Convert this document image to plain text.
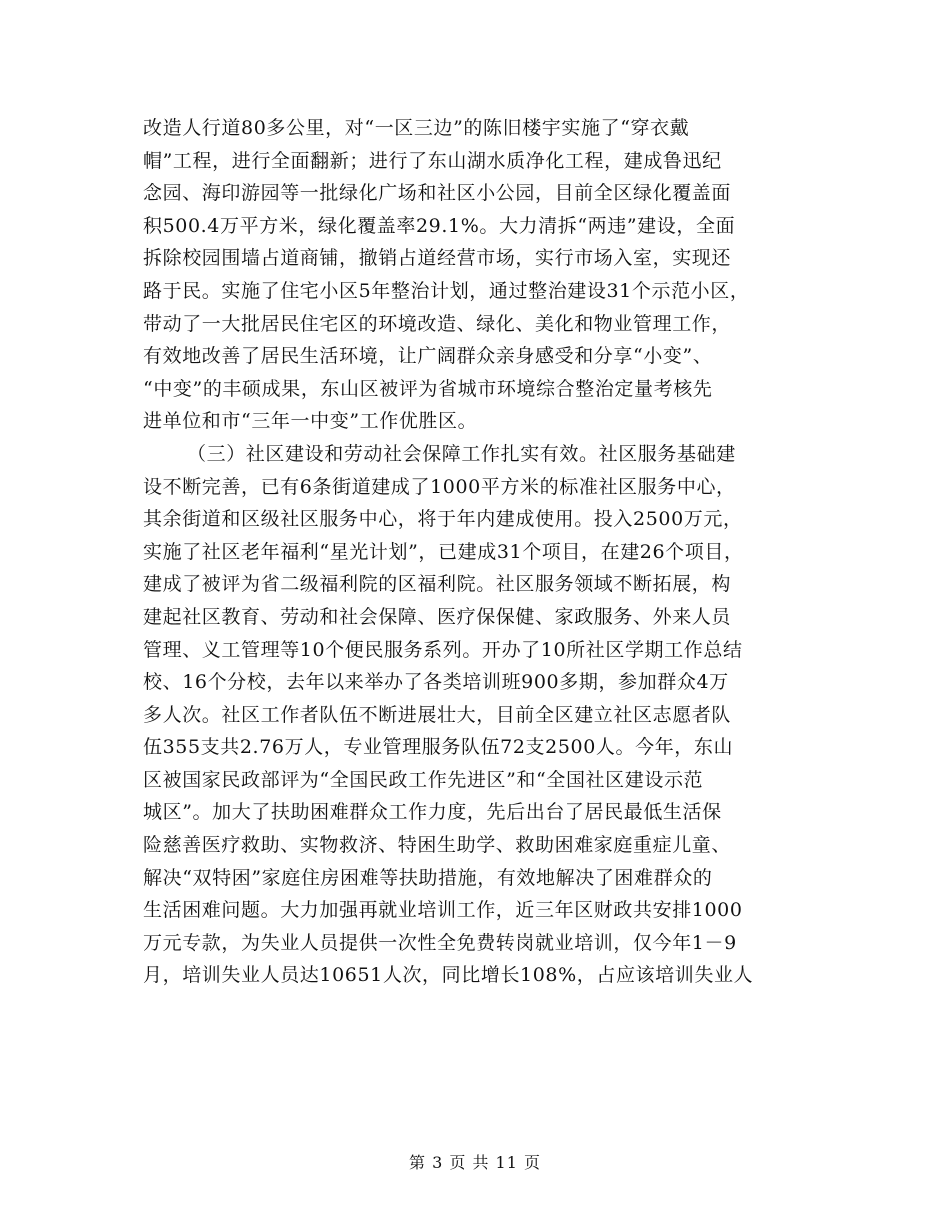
改造人行道80多公里，对“一区三边”的陈旧楼宇实施了“穿衣戴
帽”工程，进行全面翻新；进行了东山湖水质净化工程，建成鲁迅纪
念园、海印游园等一批绿化广场和社区小公园，目前全区绿化覆盖面
积500.4万平方米，绿化覆盖率29.1%。大力清拆“两违”建设，全面
拆除校园围墙占道商铺，撤销占道经营市场，实行市场入室，实现还
路于民。实施了住宅小区5年整治计划，通过整治建设31个示范小区，
带动了一大批居民住宅区的环境改造、绿化、美化和物业管理工作，
有效地改善了居民生活环境，让广阔群众亲身感受和分享“小变”、
“中变”的丰硕成果，东山区被评为省城市环境综合整治定量考核先
进单位和市“三年一中变”工作优胜区。
（三）社区建设和劳动社会保障工作扎实有效。社区服务基础建
设不断完善，已有6条街道建成了1000平方米的标准社区服务中心，
其余街道和区级社区服务中心，将于年内建成使用。投入2500万元，
实施了社区老年福利“星光计划”，已建成31个项目，在建26个项目，
建成了被评为省二级福利院的区福利院。社区服务领域不断拓展，构
建起社区教育、劳动和社会保障、医疗保保健、家政服务、外来人员
管理、义工管理等10个便民服务系列。开办了10所社区学期工作总结
校、16个分校，去年以来举办了各类培训班900多期，参加群众4万
多人次。社区工作者队伍不断进展壮大，目前全区建立社区志愿者队
伍355支共2.76万人，专业管理服务队伍72支2500人。今年，东山
区被国家民政部评为“全国民政工作先进区”和“全国社区建设示范
城区”。加大了扶助困难群众工作力度，先后出台了居民最低生活保
险慈善医疗救助、实物救济、特困生助学、救助困难家庭重症儿童、
解决“双特困”家庭住房困难等扶助措施，有效地解决了困难群众的
生活困难问题。大力加强再就业培训工作，近三年区财政共安排1000
万元专款，为失业人员提供一次性全免费转岗就业培训，仅今年1－9
月，培训失业人员达10651人次，同比增长108%，占应该培训失业人
第 3 页 共 11 页
